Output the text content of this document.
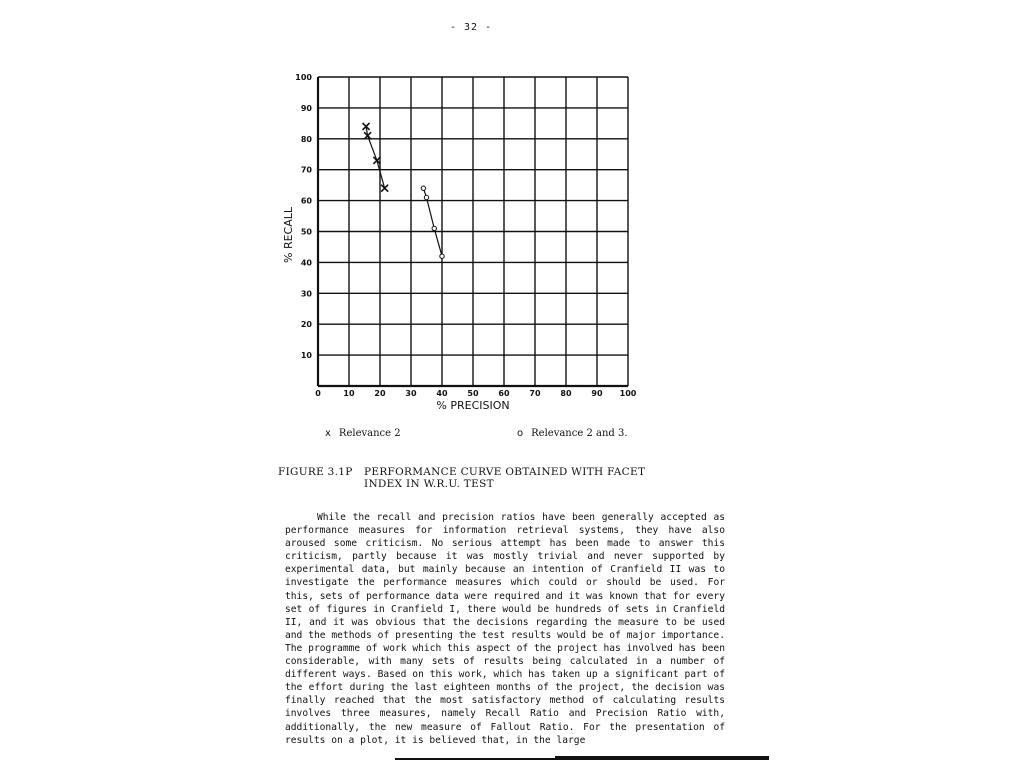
- 32 -
10
20
30
40
50
60
70
80
90
100
0	10 20 30 40 50 60 70 80 90 100
% RECALL
% PRECISION
x Relevance 2	o Relevance 2 and 3.
FIGURE 3.1P PERFORMANCE CURVE OBTAINED WITH FACET
INDEX IN W.R.U. TEST

While the recall and precision ratios have been generally accepted as performance measures for information retrieval systems, they have also aroused some criticism. No serious attempt has been made to answer this criticism, partly because it was mostly trivial and never supported by experimental data, but mainly because an intention of Cranfield II was to investigate the performance measures which could or should be used. For this, sets of performance data were required and it was known that for every set of figures in Cranfield I, there would be hundreds of sets in Cranfield II, and it was obvious that the decisions regarding the measure to be used and the methods of presenting the test results would be of major importance. The programme of work which this aspect of the project has involved has been considerable, with many sets of results being calculated in a number of different ways. Based on this work, which has taken up a significant part of the effort during the last eighteen months of the project, the decision was finally reached that the most satisfactory method of calculating results involves three measures, namely Recall Ratio and Precision Ratio with, additionally, the new measure of Fallout Ratio. For the presentation of results on a plot, it is believed that, in the large
